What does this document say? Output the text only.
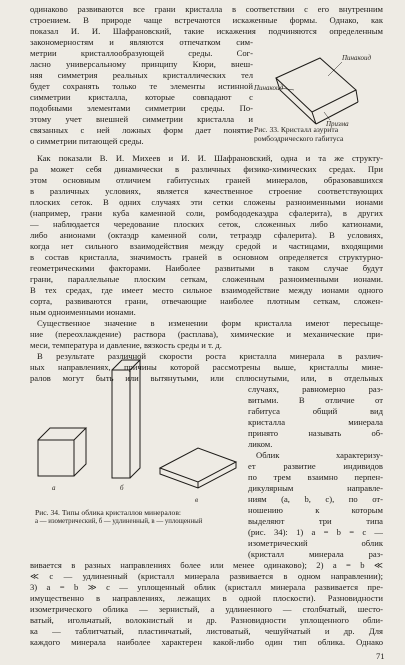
одинаково развиваются все грани кристалла в соответствии с его внутренним
строением. В природе чаще встречаются искаженные формы. Однако, как
показал И. И. Шафрановский, такие искажения подчиняются определенным
закономерностям и являются отпечатком сим-
метрии кристаллообразующей среды. Сог-
ласно универсальному принципу Кюри, внеш-
няя симметрия реальных кристаллических тел
будет сохранять только те элементы истинной
симметрии кристалла, которые совпадают с
подобными элементами симметрии среды. По-
этому учет внешней симметрии кристалла и
связанных с ней ложных форм дает понятие
о симметрии питающей среды.
Пинакоид
Пинакоид
Призма
Рис. 33. Кристалл азурита ромбоэдрического габитуса
Как показали В. И. Михеев и И. И. Шафрановский, одна и та же структу-
ра может себя динамически в различных физико-химических средах. При
этом основным отличием габитусных граней минералов, образовавшихся
в различных условиях, является качественное строение соответствующих
плоских сеток. В одних случаях эти сетки сложены разноименными ионами
(например, грани куба каменной соли, ромбододекаэдра сфалерита), в других
— наблюдается чередование плоских сеток, сложенных либо катионами,
либо анионами (октаэдр каменной соли, тетраэдр сфалерита). В условиях,
когда нет сильного взаимодействия между средой и частицами, входящими
в состав кристалла, значимость граней в основном определяется структурно-
геометрическими факторами. Наиболее развитыми в таком случае будут
грани, параллельные плоским сеткам, сложенным разноименными ионами.
В тех средах, где имеет место сильное взаимодействие между ионами одного
сорта, развиваются грани, отвечающие наиболее плотным сеткам, сложен-
ным одноименными ионами.
Существенное значение в изменении форм кристалла имеют пересыще-
ние (переохлаждение) раствора (расплава), химические и механические при-
меси, температура и давление, вязкость среды и т. д.
В результате различной скорости роста кристалла минерала в различ-
ных направлениях, причины которой рассмотрены выше, кристаллы мине-
ралов могут быть или вытянутыми, или сплюснутыми, или, в отдельных
a	б
в
Рис. 34. Типы облика кристаллов минералов:
а — изометрический, б — удлиненный, в — уплощенный
случаях, равномерно раз-
витыми. В отличие от
габитуса общий вид
кристалла минерала
принято называть об-
ликом.
Облик характеризу-
ет развитие индивидов
по трем взаимно перпен-
дикулярным направле-
ниям (a, b, c), по от-
ношению к которым
выделяют три типа
(рис. 34): 1) a = b = c —
изометрический облик
(кристалл минерала раз-
вивается в разных направлениях более или менее одинаково); 2) a = b ≪
≪ c — удлиненный (кристалл минерала развивается в одном направлении);
3) a = b ≫ c — уплощенный облик (кристалл минерала развивается пре-
имущественно в направлениях, лежащих в одной плоскости). Разновидности
изометрического облика — зернистый, а удлиненного — столбчатый, шесто-
ватый, игольчатый, волокнистый и др. Разновидности уплощенного обли-
ка — таблитчатый, пластинчатый, листоватый, чешуйчатый и др. Для
каждого минерала наиболее характерен какой-либо один тип облика. Однако
71
